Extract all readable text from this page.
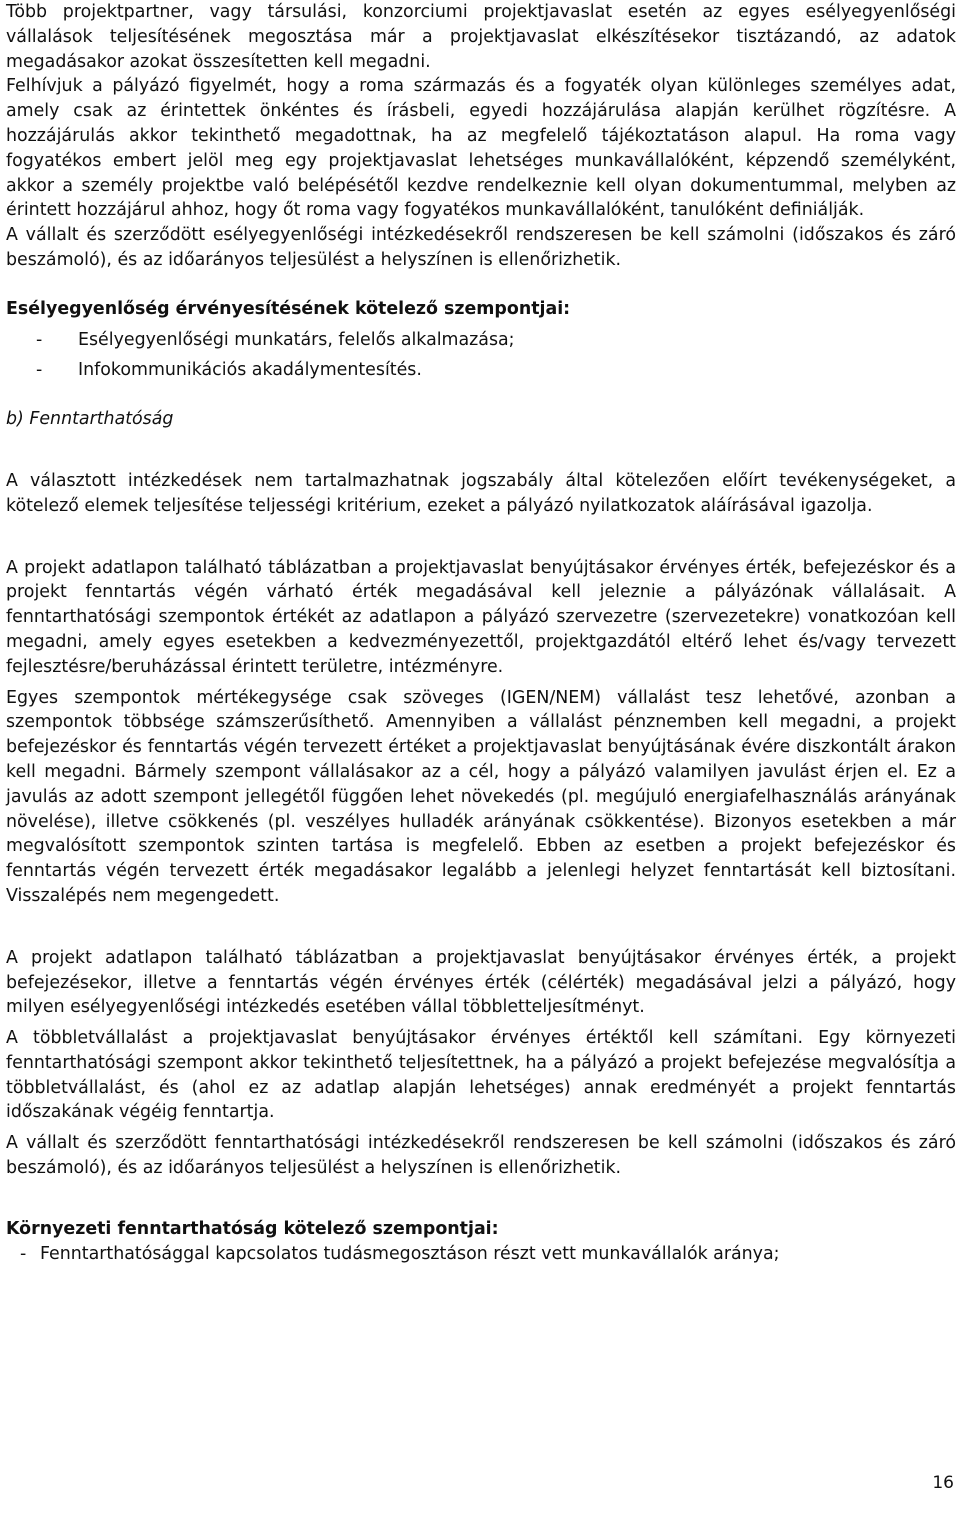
Több projektpartner, vagy társulási, konzorciumi projektjavaslat esetén az egyes esélyegyenlőségi vállalások teljesítésének megosztása már a projektjavaslat elkészítésekor tisztázandó, az adatok megadásakor azokat összesítetten kell megadni.

Felhívjuk a pályázó figyelmét, hogy a roma származás és a fogyaték olyan különleges személyes adat, amely csak az érintettek önkéntes és írásbeli, egyedi hozzájárulása alapján kerülhet rögzítésre. A hozzájárulás akkor tekinthető megadottnak, ha az megfelelő tájékoztatáson alapul. Ha roma vagy fogyatékos embert jelöl meg egy projektjavaslat lehetséges munkavállalóként, képzendő személyként, akkor a személy projektbe való belépésétől kezdve rendelkeznie kell olyan dokumentummal, melyben az érintett hozzájárul ahhoz, hogy őt roma vagy fogyatékos munkavállalóként, tanulóként definiálják.

A vállalt és szerződött esélyegyenlőségi intézkedésekről rendszeresen be kell számolni (időszakos és záró beszámoló), és az időarányos teljesülést a helyszínen is ellenőrizhetik.

Esélyegyenlőség érvényesítésének kötelező szempontjai:
- Esélyegyenlőségi munkatárs, felelős alkalmazása;
- Infokommunikációs akadálymentesítés.
b) Fenntarthatóság

A választott intézkedések nem tartalmazhatnak jogszabály által kötelezően előírt tevékenységeket, a kötelező elemek teljesítése teljességi kritérium, ezeket a pályázó nyilatkozatok aláírásával igazolja.

A projekt adatlapon található táblázatban a projektjavaslat benyújtásakor érvényes érték, befejezéskor és a projekt fenntartás végén várható érték megadásával kell jeleznie a pályázónak vállalásait. A fenntarthatósági szempontok értékét az adatlapon a pályázó szervezetre (szervezetekre) vonatkozóan kell megadni, amely egyes esetekben a kedvezményezettől, projektgazdától eltérő lehet és/vagy tervezett fejlesztésre/beruházással érintett területre, intézményre.

Egyes szempontok mértékegysége csak szöveges (IGEN/NEM) vállalást tesz lehetővé, azonban a szempontok többsége számszerűsíthető. Amennyiben a vállalást pénznemben kell megadni, a projekt befejezéskor és fenntartás végén tervezett értéket a projektjavaslat benyújtásának évére diszkontált árakon kell megadni. Bármely szempont vállalásakor az a cél, hogy a pályázó valamilyen javulást érjen el. Ez a javulás az adott szempont jellegétől függően lehet növekedés (pl. megújuló energiafelhasználás arányának növelése), illetve csökkenés (pl. veszélyes hulladék arányának csökkentése). Bizonyos esetekben a már megvalósított szempontok szinten tartása is megfelelő. Ebben az esetben a projekt befejezéskor és fenntartás végén tervezett érték megadásakor legalább a jelenlegi helyzet fenntartását kell biztosítani. Visszalépés nem megengedett.

A projekt adatlapon található táblázatban a projektjavaslat benyújtásakor érvényes érték, a projekt befejezésekor, illetve a fenntartás végén érvényes érték (célérték) megadásával jelzi a pályázó, hogy milyen esélyegyenlőségi intézkedés esetében vállal többletteljesítményt.

A többletvállalást a projektjavaslat benyújtásakor érvényes értéktől kell számítani. Egy környezeti fenntarthatósági szempont akkor tekinthető teljesítettnek, ha a pályázó a projekt befejezése megvalósítja a többletvállalást, és (ahol ez az adatlap alapján lehetséges) annak eredményét a projekt fenntartás időszakának végéig fenntartja.

A vállalt és szerződött fenntarthatósági intézkedésekről rendszeresen be kell számolni (időszakos és záró beszámoló), és az időarányos teljesülést a helyszínen is ellenőrizhetik.

Környezeti fenntarthatóság kötelező szempontjai:
- Fenntarthatósággal kapcsolatos tudásmegosztáson részt vett munkavállalók aránya;
16
